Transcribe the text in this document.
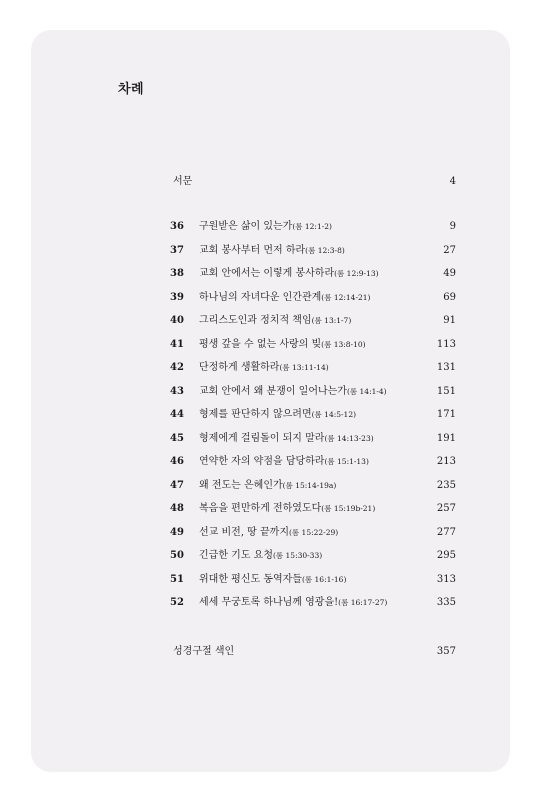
차례
서문	4
36 구원받은 삶이 있는가(롬 12:1-2)	9
37 교회 봉사부터 먼저 하라(롬 12:3-8)	27
38 교회 안에서는 이렇게 봉사하라(롬 12:9-13)	49
39 하나님의 자녀다운 인간관계(롬 12:14-21)	69
40 그리스도인과 정치적 책임(롬 13:1-7)	91
41 평생 갚을 수 없는 사랑의 빚(롬 13:8-10)	113
42 단정하게 생활하라(롬 13:11-14)	131
43 교회 안에서 왜 분쟁이 일어나는가(롬 14:1-4)	151
44 형제를 판단하지 않으려면(롬 14:5-12)	171
45 형제에게 걸림돌이 되지 말라(롬 14:13-23)	191
46 연약한 자의 약점을 담당하라(롬 15:1-13)	213
47 왜 전도는 은혜인가(롬 15:14-19a)	235
48 복음을 편만하게 전하였도다(롬 15:19b-21)	257
49 선교 비전, 땅 끝까지(롬 15:22-29)	277
50 긴급한 기도 요청(롬 15:30-33)	295
51 위대한 평신도 동역자들(롬 16:1-16)	313
52 세세 무궁토록 하나님께 영광을!(롬 16:17-27)	335
성경구절 색인	357
